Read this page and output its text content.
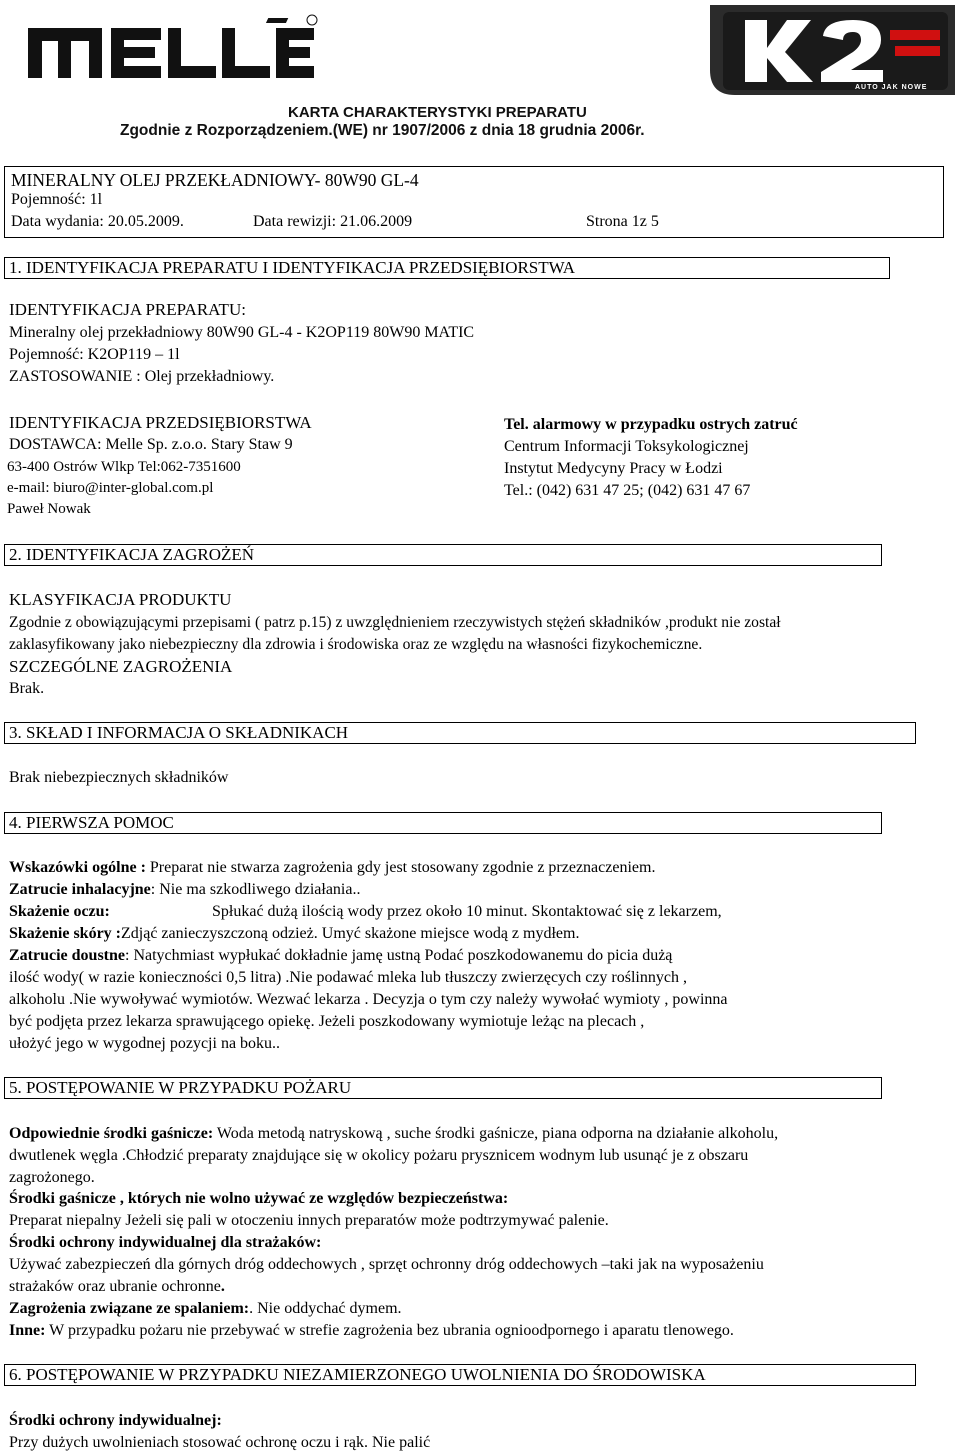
AUTO JAK NOWE
KARTA CHARAKTERYSTYKI PREPARATU
Zgodnie z Rozporządzeniem.(WE) nr 1907/2006 z dnia 18 grudnia 2006r.
MINERALNY OLEJ PRZEKŁADNIOWY- 80W90 GL-4
Pojemność: 1l
Data wydania: 20.05.2009.	Data rewizji: 21.06.2009	Strona 1z 5
1. IDENTYFIKACJA PREPARATU I IDENTYFIKACJA PRZEDSIĘBIORSTWA
IDENTYFIKACJA PREPARATU:
Mineralny olej przekładniowy 80W90 GL-4 - K2OP119 80W90 MATIC
Pojemność: K2OP119 – 1l
ZASTOSOWANIE : Olej przekładniowy.
IDENTYFIKACJA PRZEDSIĘBIORSTWA
DOSTAWCA: Melle Sp. z.o.o. Stary Staw 9
63-400 Ostrów Wlkp Tel:062-7351600
e-mail: biuro@inter-global.com.pl
Paweł Nowak
Tel. alarmowy w przypadku ostrych zatruć
Centrum Informacji Toksykologicznej
Instytut Medycyny Pracy w Łodzi
Tel.: (042) 631 47 25; (042) 631 47 67
2. IDENTYFIKACJA ZAGROŻEŃ
KLASYFIKACJA PRODUKTU
Zgodnie z obowiązującymi przepisami ( patrz p.15) z uwzględnieniem rzeczywistych stężeń składników ,produkt nie został
zaklasyfikowany jako niebezpieczny dla zdrowia i środowiska oraz ze względu na własności fizykochemiczne.
SZCZEGÓLNE ZAGROŻENIA
Brak.
3. SKŁAD I INFORMACJA O SKŁADNIKACH
Brak niebezpiecznych składników
4. PIERWSZA POMOC
Wskazówki ogólne : Preparat nie stwarza zagrożenia gdy jest stosowany zgodnie z przeznaczeniem.
Zatrucie inhalacyjne: Nie ma szkodliwego działania..
Skażenie oczu:	Spłukać dużą ilością wody przez około 10 minut. Skontaktować się z lekarzem,
Skażenie skóry :Zdjąć zanieczyszczoną odzież. Umyć skażone miejsce wodą z mydłem.
Zatrucie doustne: Natychmiast wypłukać dokładnie jamę ustną Podać poszkodowanemu do picia dużą
ilość wody( w razie konieczności 0,5 litra) .Nie podawać mleka lub tłuszczy zwierzęcych czy roślinnych ,
alkoholu .Nie wywoływać wymiotów. Wezwać lekarza . Decyzja o tym czy należy wywołać wymioty , powinna
być podjęta przez lekarza sprawującego opiekę. Jeżeli poszkodowany wymiotuje leżąc na plecach ,
ułożyć jego w wygodnej pozycji na boku..
5. POSTĘPOWANIE W PRZYPADKU POŻARU
Odpowiednie środki gaśnicze: Woda metodą natryskową , suche środki gaśnicze, piana odporna na działanie alkoholu,
dwutlenek węgla .Chłodzić preparaty znajdujące się w okolicy pożaru prysznicem wodnym lub usunąć je z obszaru
zagrożonego.
Środki gaśnicze , których nie wolno używać ze względów bezpieczeństwa:
Preparat niepalny Jeżeli się pali w otoczeniu innych preparatów może podtrzymywać palenie.
Środki ochrony indywidualnej dla strażaków:
Używać zabezpieczeń dla górnych dróg oddechowych , sprzęt ochronny dróg oddechowych –taki jak na wyposażeniu
strażaków oraz ubranie ochronne.
Zagrożenia związane ze spalaniem:. Nie oddychać dymem.
Inne: W przypadku pożaru nie przebywać w strefie zagrożenia bez ubrania ognioodpornego i aparatu tlenowego.
6. POSTĘPOWANIE W PRZYPADKU NIEZAMIERZONEGO UWOLNIENIA DO ŚRODOWISKA
Środki ochrony indywidualnej:
Przy dużych uwolnieniach stosować ochronę oczu i rąk. Nie palić
